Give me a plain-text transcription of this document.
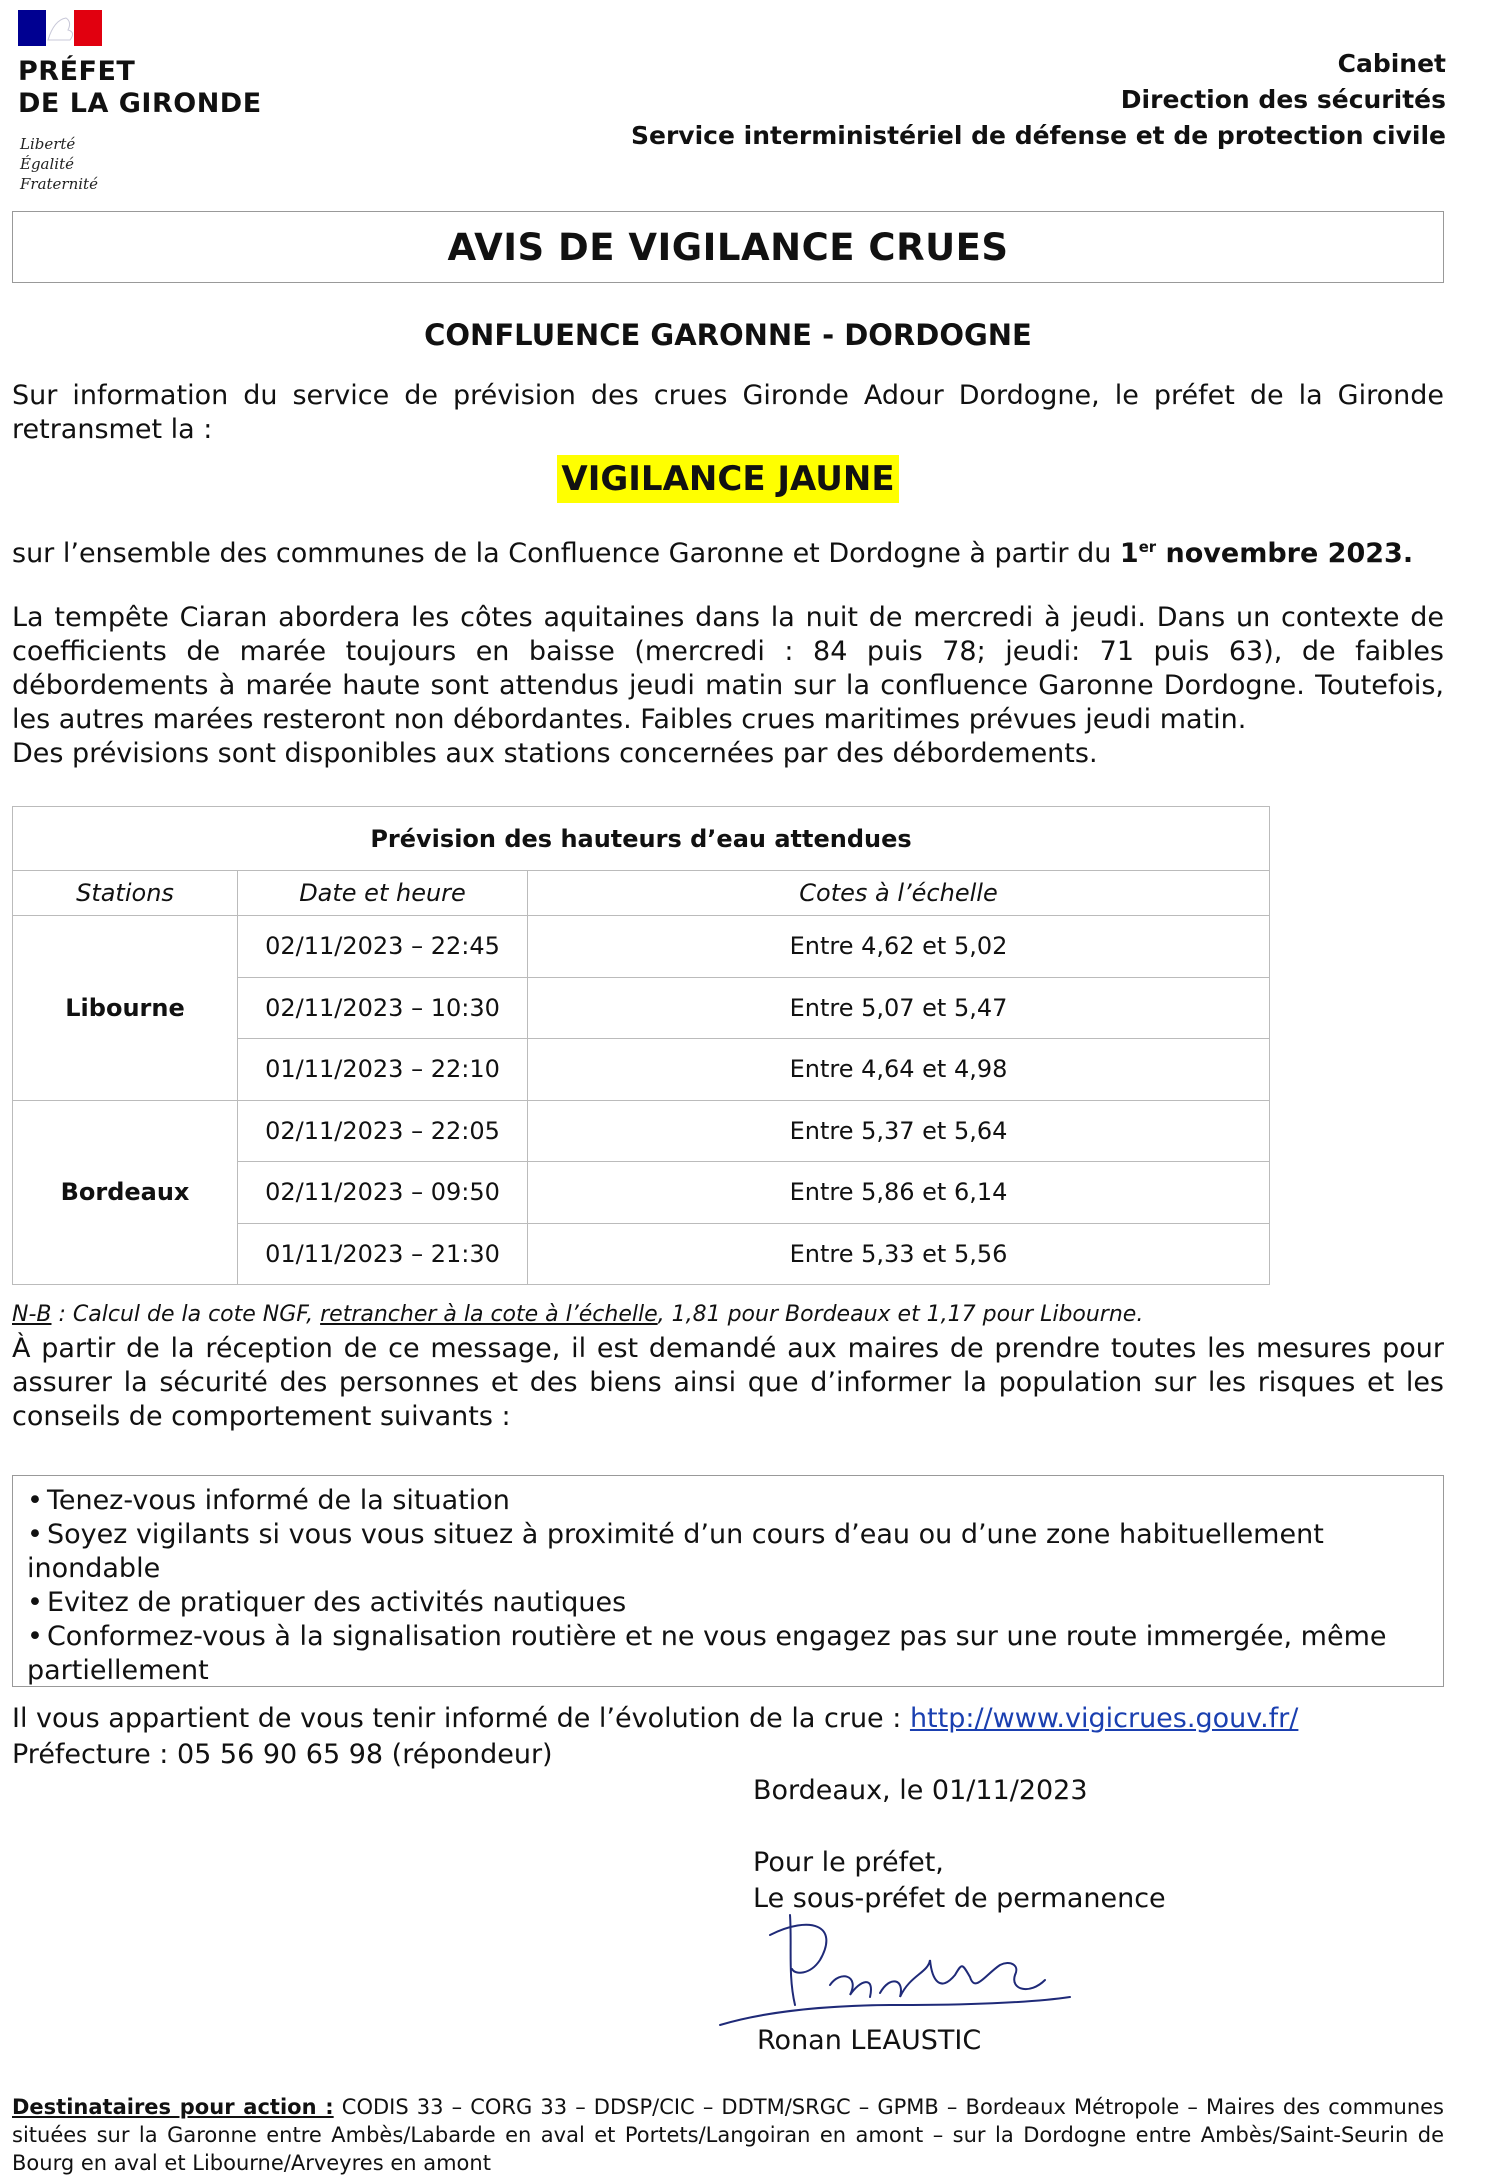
PRÉFET
DE LA GIRONDE
Liberté
Égalité
Fraternité
Cabinet
Direction des sécurités
Service interministériel de défense et de protection civile
AVIS DE VIGILANCE CRUES
CONFLUENCE GARONNE - DORDOGNE
Sur information du service de prévision des crues Gironde Adour Dordogne, le préfet de la Gironde retransmet la :
VIGILANCE JAUNE
sur l’ensemble des communes de la Confluence Garonne et Dordogne à partir du 1er novembre 2023.
La tempête Ciaran abordera les côtes aquitaines dans la nuit de mercredi à jeudi. Dans un contexte de coefficients de marée toujours en baisse (mercredi : 84 puis 78; jeudi: 71 puis 63), de faibles débordements à marée haute sont attendus jeudi matin sur la confluence Garonne Dordogne. Toutefois, les autres marées resteront non débordantes. Faibles crues maritimes prévues jeudi matin.
Des prévisions sont disponibles aux stations concernées par des débordements.
Prévision des hauteurs d’eau attendues		
Stations	Date et heure	Cotes à l’échelle
Libourne	02/11/2023 – 22:45	Entre 4,62 et 5,02
	02/11/2023 – 10:30	Entre 5,07 et 5,47
	01/11/2023 – 22:10	Entre 4,64 et 4,98
Bordeaux	02/11/2023 – 22:05	Entre 5,37 et 5,64
	02/11/2023 – 09:50	Entre 5,86 et 6,14
	01/11/2023 – 21:30	Entre 5,33 et 5,56
N-B : Calcul de la cote NGF, retrancher à la cote à l’échelle, 1,81 pour Bordeaux et 1,17 pour Libourne.
À partir de la réception de ce message, il est demandé aux maires de prendre toutes les mesures pour assurer la sécurité des personnes et des biens ainsi que d’informer la population sur les risques et les conseils de comportement suivants :
• Tenez-vous informé de la situation
• Soyez vigilants si vous vous situez à proximité d’un cours d’eau ou d’une zone habituellement inondable
• Evitez de pratiquer des activités nautiques
• Conformez-vous à la signalisation routière et ne vous engagez pas sur une route immergée, même partiellement
Il vous appartient de vous tenir informé de l’évolution de la crue : http://www.vigicrues.gouv.fr/
Préfecture : 05 56 90 65 98 (répondeur)
Bordeaux, le 01/11/2023
Pour le préfet,
Le sous-préfet de permanence
Ronan LEAUSTIC
Destinataires pour action : CODIS 33 – CORG 33 – DDSP/CIC – DDTM/SRGC – GPMB – Bordeaux Métropole – Maires des communes situées sur la Garonne entre Ambès/Labarde en aval et Portets/Langoiran en amont – sur la Dordogne entre Ambès/Saint-Seurin de Bourg en aval et Libourne/Arveyres en amont
